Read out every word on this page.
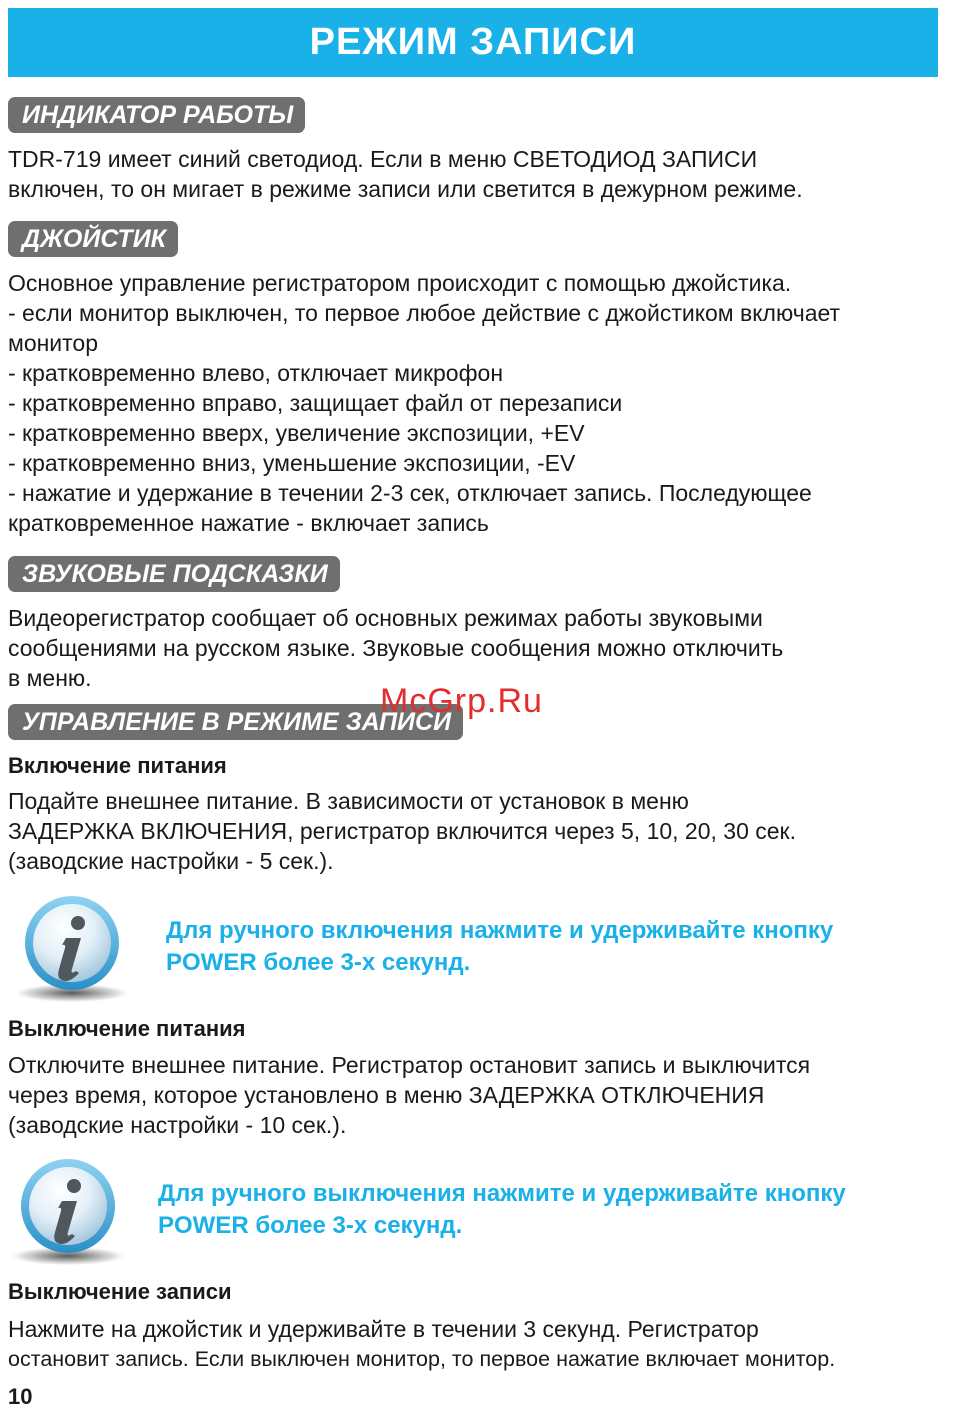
РЕЖИМ ЗАПИСИ
ИНДИКАТОР РАБОТЫ
TDR-719 имеет синий светодиод. Если в меню СВЕТОДИОД ЗАПИСИ
включен, то он мигает в режиме записи или светится в дежурном режиме.
ДЖОЙСТИК
Основное управление регистратором происходит с помощью джойстика.
- если монитор выключен, то первое любое действие с джойстиком включает
монитор
- кратковременно влево, отключает микрофон
- кратковременно вправо, защищает файл от перезаписи
- кратковременно вверх, увеличение экспозиции, +EV
- кратковременно вниз, уменьшение экспозиции, -EV
- нажатие и удержание в течении 2-3 сек, отключает запись. Последующее
кратковременное нажатие - включает запись
ЗВУКОВЫЕ ПОДСКАЗКИ
Видеорегистратор сообщает об основных режимах работы звуковыми
сообщениями на русском языке. Звуковые сообщения можно отключить
в меню.
УПРАВЛЕНИЕ В РЕЖИМЕ ЗАПИСИ
McGrp.Ru
Включение питания
Подайте внешнее питание. В зависимости от установок в меню
ЗАДЕРЖКА ВКЛЮЧЕНИЯ, регистратор включится через 5, 10, 20, 30 сек.
(заводские настройки - 5 сек.).
Для ручного включения нажмите и удерживайте кнопку
POWER более 3-х секунд.
Выключение питания
Отключите внешнее питание. Регистратор остановит запись и выключится
через время, которое установлено в меню ЗАДЕРЖКА ОТКЛЮЧЕНИЯ
(заводские настройки - 10 сек.).
Для ручного выключения нажмите и удерживайте кнопку
POWER более 3-х секунд.
Выключение записи
Нажмите на джойстик и удерживайте в течении 3 секунд. Регистратор
остановит запись. Если выключен монитор, то первое нажатие включает монитор.
10
